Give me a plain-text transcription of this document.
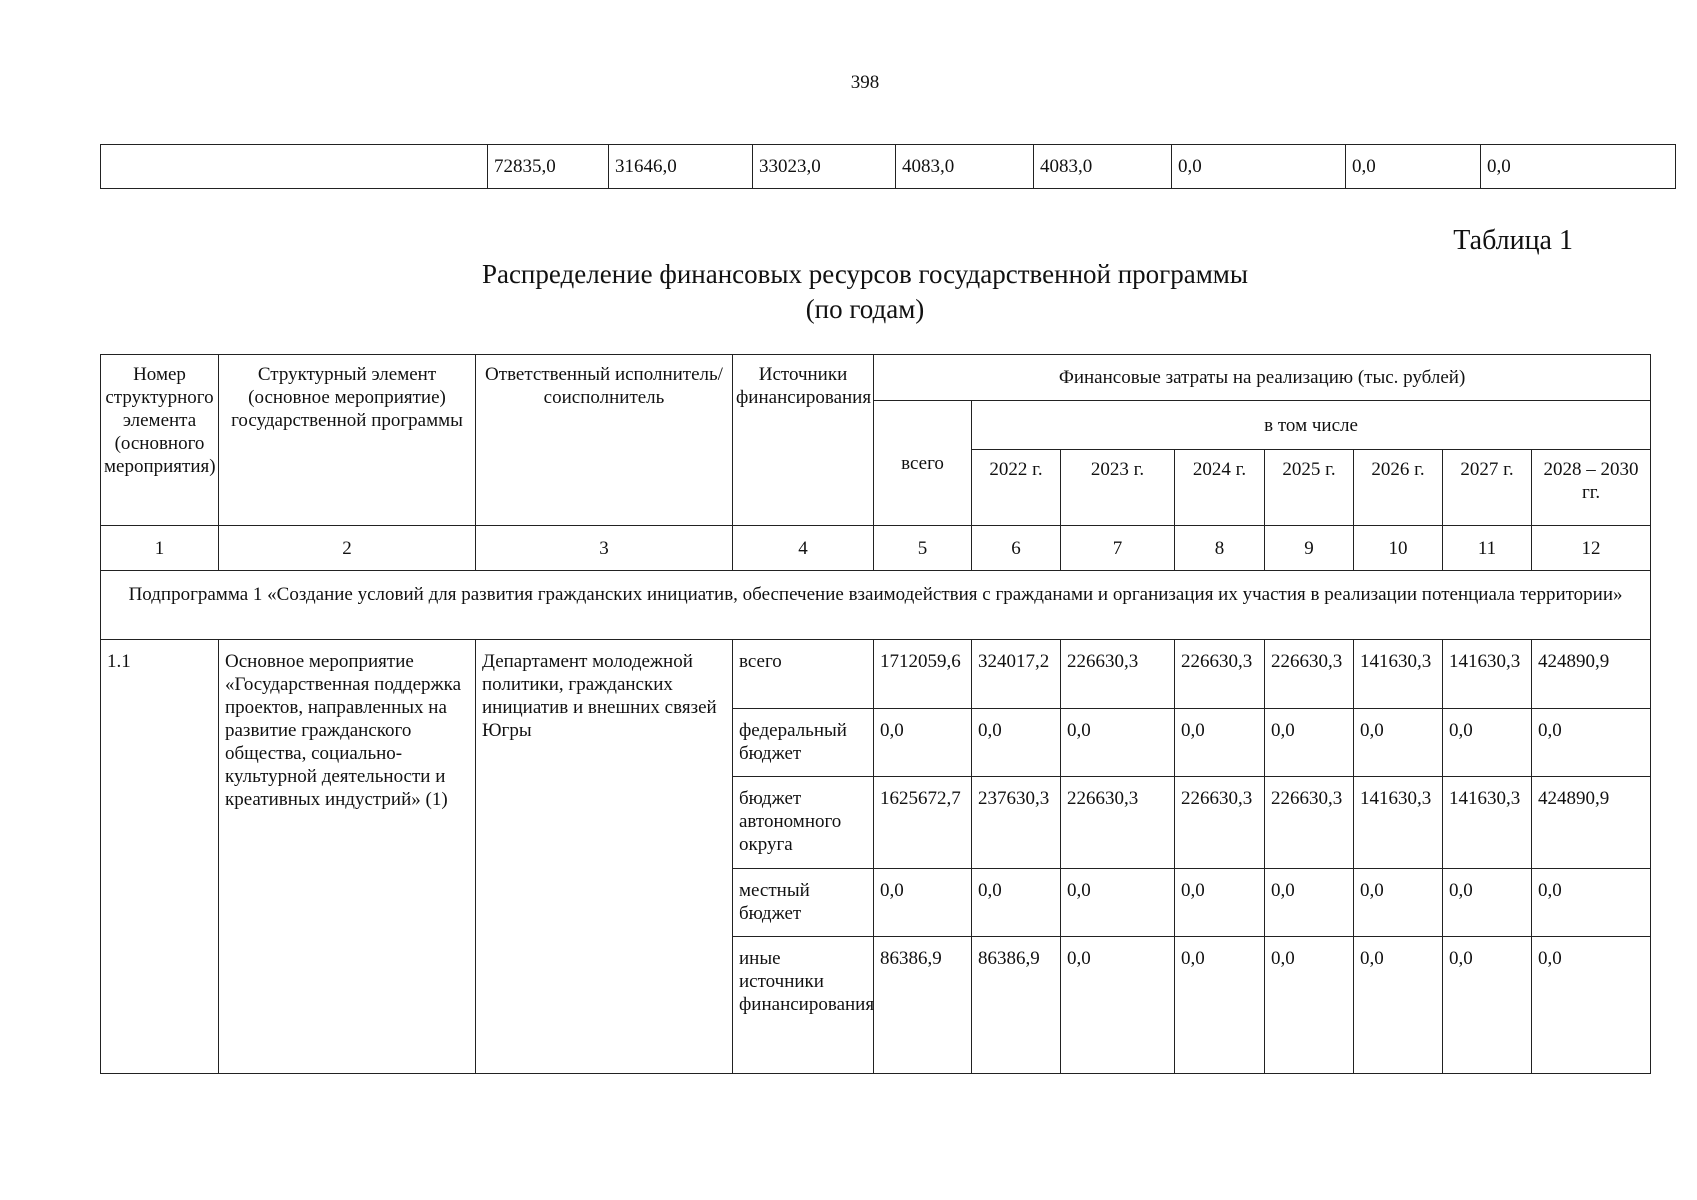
398
	72835,0	31646,0	33023,0	4083,0	4083,0	0,0	0,0	0,0
Таблица 1
Распределение финансовых ресурсов государственной программы
(по годам)
Номер структурного элемента (основного мероприятия)	Структурный элемент (основное мероприятие) государственной программы	Ответственный исполнитель/соисполнитель	Источники финансирования	Финансовые затраты на реализацию (тыс. рублей)							
				всего	в том числе						
					2022 г.	2023 г.	2024 г.	2025 г.	2026 г.	2027 г.	2028 – 2030 гг.
1	2	3	4	5	6	7	8	9	10	11	12
Подпрограмма 1 «Создание условий для развития гражданских инициатив, обеспечение взаимодействия с гражданами и организация их участия в реализации потенциала территории»											
1.1	Основное мероприятие «Государственная поддержка проектов, направленных на развитие гражданского общества, социально-культурной деятельности и креативных индустрий» (1)	Департамент молодежной политики, гражданских инициатив и внешних связей Югры	всего	1712059,6	324017,2	226630,3	226630,3	226630,3	141630,3	141630,3	424890,9
			федеральный бюджет	0,0	0,0	0,0	0,0	0,0	0,0	0,0	0,0
			бюджет автономного округа	1625672,7	237630,3	226630,3	226630,3	226630,3	141630,3	141630,3	424890,9
			местный бюджет	0,0	0,0	0,0	0,0	0,0	0,0	0,0	0,0
			иные источники финансирования	86386,9	86386,9	0,0	0,0	0,0	0,0	0,0	0,0
